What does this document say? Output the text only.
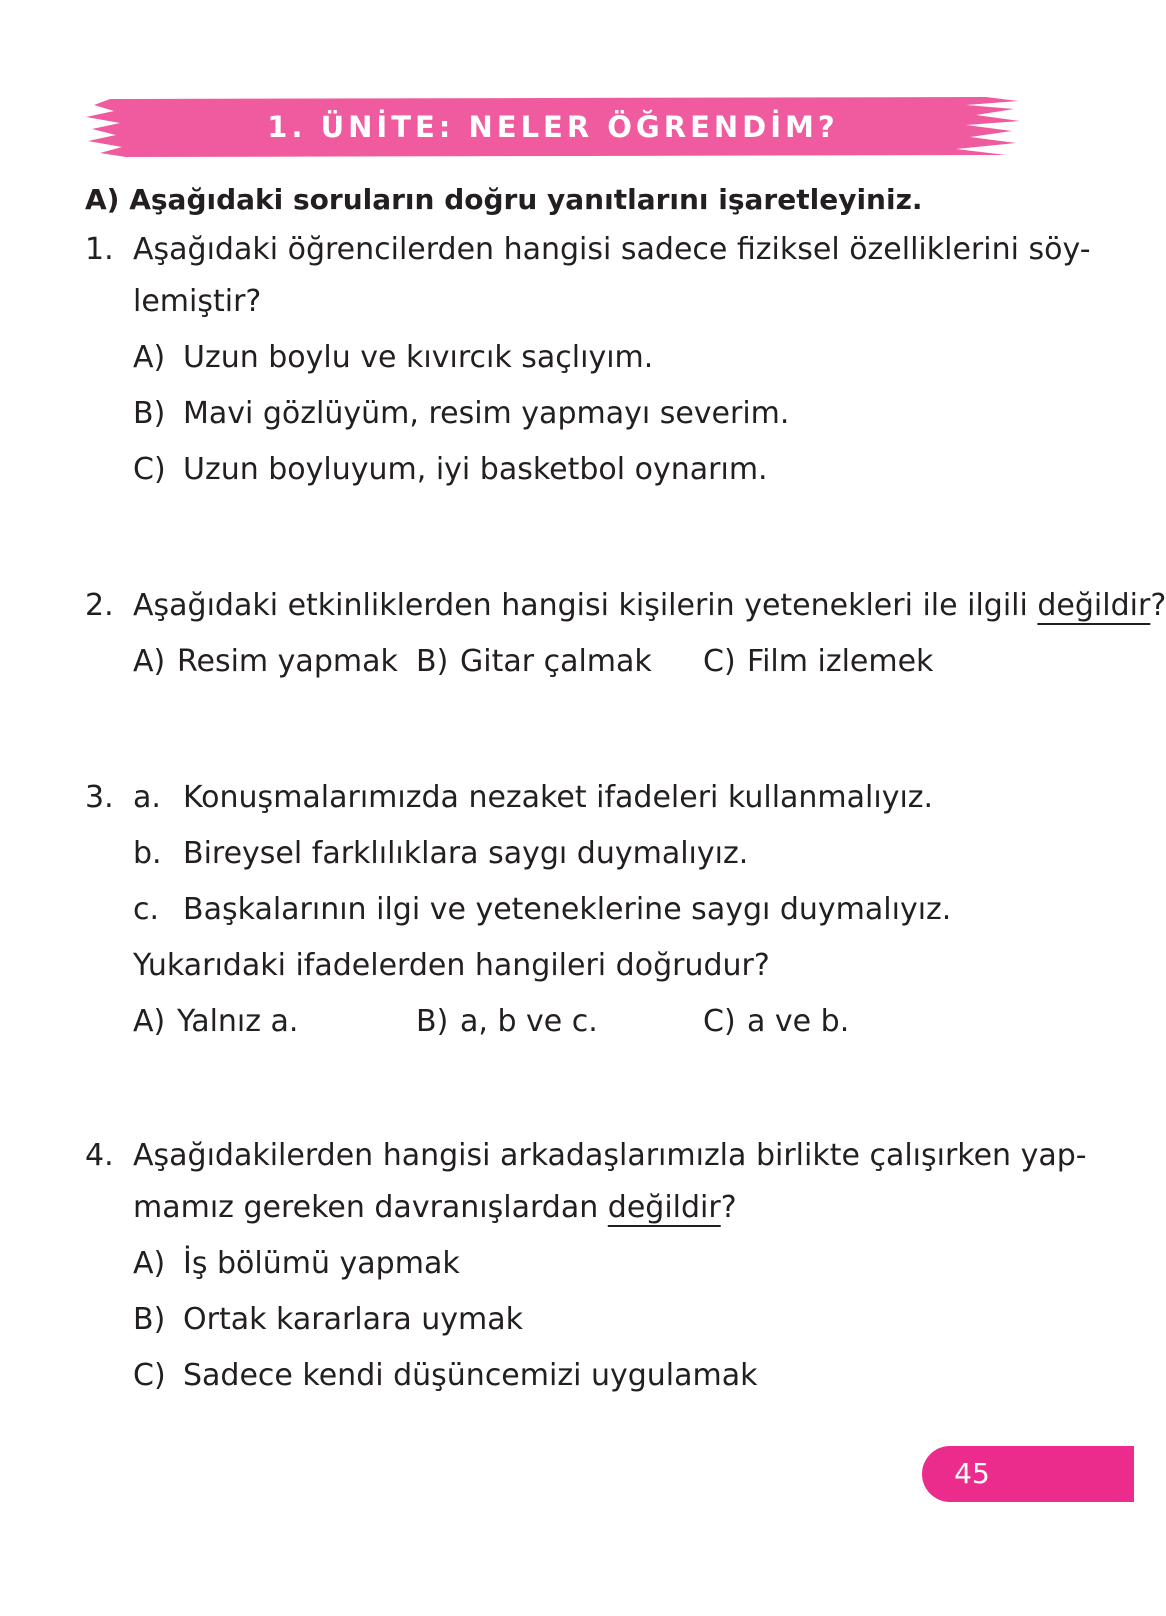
1. ÜNİTE: NELER ÖĞRENDİM?
A) Aşağıdaki soruların doğru yanıtlarını işaretleyiniz.
1. Aşağıdaki öğrencilerden hangisi sadece fiziksel özelliklerini söy-
lemiştir?
A) Uzun boylu ve kıvırcık saçlıyım.
B) Mavi gözlüyüm, resim yapmayı severim.
C) Uzun boyluyum, iyi basketbol oynarım.
2. Aşağıdaki etkinliklerden hangisi kişilerin yetenekleri ile ilgili değildir?
A) Resim yapmak B) Gitar çalmak C) Film izlemek
3. a. Konuşmalarımızda nezaket ifadeleri kullanmalıyız.
b. Bireysel farklılıklara saygı duymalıyız.
c. Başkalarının ilgi ve yeteneklerine saygı duymalıyız.
Yukarıdaki ifadelerden hangileri doğrudur?
A) Yalnız a.	B) a, b ve c.	C) a ve b.
4. Aşağıdakilerden hangisi arkadaşlarımızla birlikte çalışırken yap-
mamız gereken davranışlardan değildir?
A) İş bölümü yapmak
B) Ortak kararlara uymak
C) Sadece kendi düşüncemizi uygulamak
45
